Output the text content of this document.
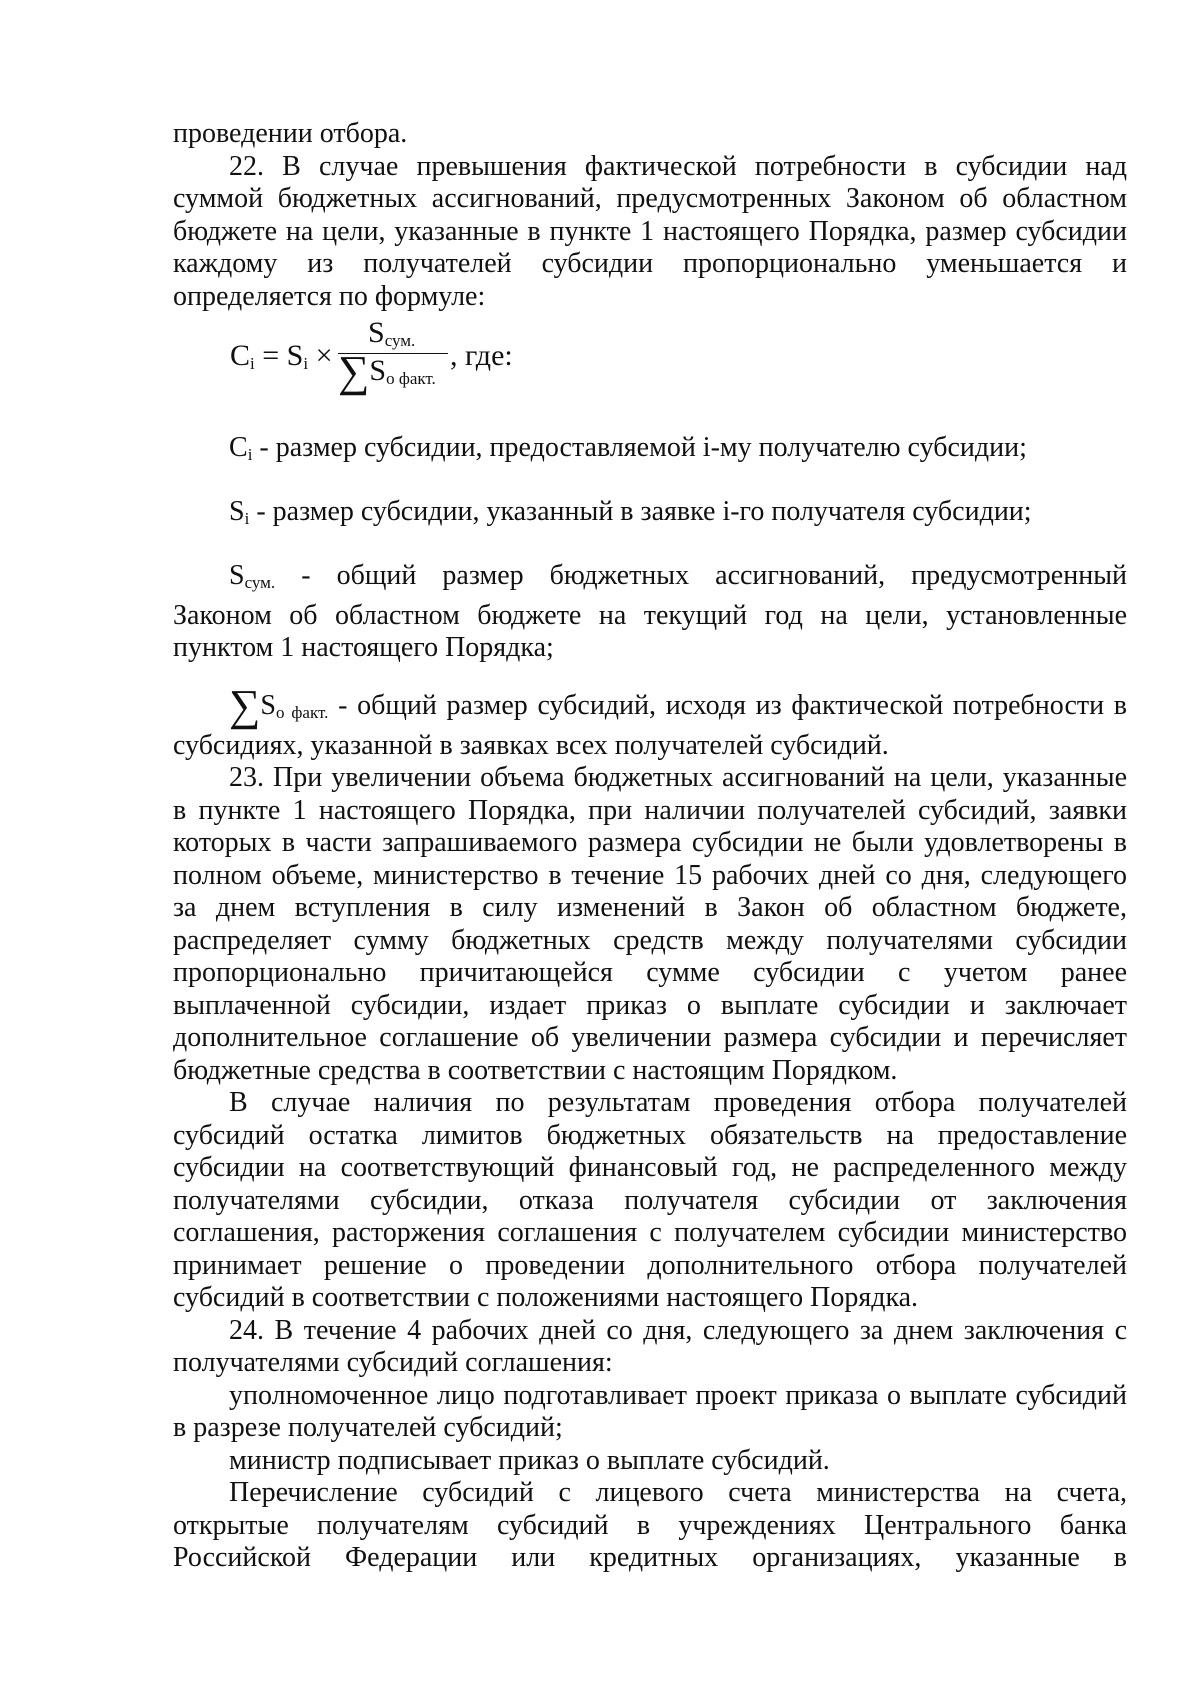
проведении отбора.

22. В случае превышения фактической потребности в субсидии над

суммой бюджетных ассигнований, предусмотренных Законом об областном

бюджете на цели, указанные в пункте 1 настоящего Порядка, размер субсидии

каждому из получателей субсидии пропорционально уменьшается и

определяется по формуле:

$C_i = S_i$ ×
$S_{сум.}$
$\sum S_{о факт.}$
, где:

$C_i$ - размер субсидии, предоставляемой i-му получателю субсидии;

$S_i$ - размер субсидии, указанный в заявке i-го получателя субсидии;

$S_{сум.}$ - общий размер бюджетных ассигнований, предусмотренный

Законом об областном бюджете на текущий год на цели, установленные

пунктом 1 настоящего Порядка;

$\sum S_{о факт.}$ - общий размер субсидий, исходя из фактической потребности в

субсидиях, указанной в заявках всех получателей субсидий.

23. При увеличении объема бюджетных ассигнований на цели, указанные

в пункте 1 настоящего Порядка, при наличии получателей субсидий, заявки

которых в части запрашиваемого размера субсидии не были удовлетворены в

полном объеме, министерство в течение 15 рабочих дней со дня, следующего

за днем вступления в силу изменений в Закон об областном бюджете,

распределяет сумму бюджетных средств между получателями субсидии

пропорционально причитающейся сумме субсидии с учетом ранее

выплаченной субсидии, издает приказ о выплате субсидии и заключает

дополнительное соглашение об увеличении размера субсидии и перечисляет

бюджетные средства в соответствии с настоящим Порядком.

В случае наличия по результатам проведения отбора получателей

субсидий остатка лимитов бюджетных обязательств на предоставление

субсидии на соответствующий финансовый год, не распределенного между

получателями субсидии, отказа получателя субсидии от заключения

соглашения, расторжения соглашения с получателем субсидии министерство

принимает решение о проведении дополнительного отбора получателей

субсидий в соответствии с положениями настоящего Порядка.

24. В течение 4 рабочих дней со дня, следующего за днем заключения с

получателями субсидий соглашения:

уполномоченное лицо подготавливает проект приказа о выплате субсидий

в разрезе получателей субсидий;

министр подписывает приказ о выплате субсидий.

Перечисление субсидий с лицевого счета министерства на счета,

открытые получателям субсидий в учреждениях Центрального банка

Российской Федерации или кредитных организациях, указанные в
